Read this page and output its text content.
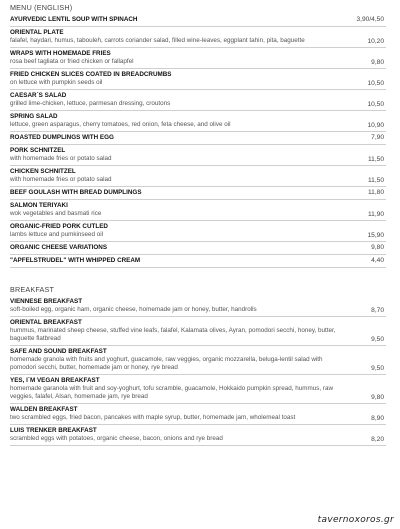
MENU (ENGLISH)
AYURVEDIC LENTIL SOUP WITH SPINACH	3,90/4,50
ORIENTAL PLATE
falafel, haydari, humus, tabouleh, carrots coriander salad, filled wine-leaves, eggplant tahin, pita, baguette	10,20
WRAPS WITH HOMEMADE FRIES
rosa beef tagliata or fried chicken or fallapfel	9,80
FRIED CHICKEN SLICES COATED IN BREADCRUMBS
on lettuce with pumpkin seeds oil	10,50
CAESAR´S SALAD
grilled lime-chicken, lettuce, parmesan dressing, croutons	10,50
SPRING SALAD
lettuce, green asparagus, cherry tomatoes, red onion, feta cheese, and olive oil	10,90
ROASTED DUMPLINGS WITH EGG	7,90
PORK SCHNITZEL
with homemade fries or potato salad	11,50
CHICKEN SCHNITZEL
with homemade fries or potato salad	11,50
BEEF GOULASH WITH BREAD DUMPLINGS	11,80
SALMON TERIYAKI
wok vegetables and basmati rice	11,90
ORGANIC-FRIED PORK CUTLED
lambs lettuce and pumkinseed oil	15,90
ORGANIC CHEESE VARIATIONS	9,80
"APFELSTRUDEL" WITH WHIPPED CREAM	4,40
BREAKFAST
VIENNESE BREAKFAST
soft-boiled egg, organic ham, organic cheese, homemade jam or honey, butter, handrolls	8,70
ORIENTAL BREAKFAST
hummus, marinated sheep cheese, stuffed vine leafs, falafel, Kalamata olives, Ayran, pomodori secchi, honey, butter, baguette flatbread	9,50
SAFE AND SOUND BREAKFAST
homemade granola with fruits and yoghurt, guacamole, raw veggies, organic mozzarella, beluga-lentil salad with pomodori secchi, butter, homemade jam or honey, rye bread	9,50
YES, I´M VEGAN BREAKFAST
homemade garanola with fruit and soy-yoghurt, tofu scramble, guacamole, Hokkaido pumpkin spread, hummus, raw veggies, falafel, Alsan, homemade jam, rye bread	9,80
WALDEN BREAKFAST
two scrambled eggs, fried bacon, pancakes with maple syrup, butter, homemade jam, wholemeal toast	8,90
LUIS TRENKER BREAKFAST
scrambled eggs with potatoes, organic cheese, bacon, onions and rye bread	8,20
tavernoxoros.gr
